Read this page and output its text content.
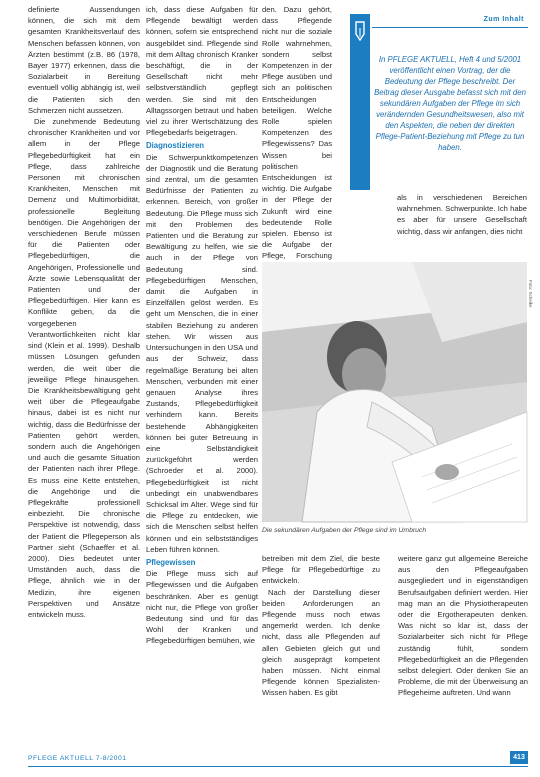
definierte Aussendungen können, die sich mit dem gesamten Krankheitsverlauf des Menschen befassen können, von Ärzten bestimmt (z.B. 86 (1978, Bayer 1977) erkennen, dass die Sozialarbeit in Bereitung eventuell völlig abhängig ist, weil die Patienten sich den Schmerzen nicht aussetzen.

Die zunehmende Bedeutung chronischer Krankheiten und vor allem in der Pflege Pflegebedürftigkeit hat ein Pflege, dass zahlreiche Personen mit chronischen Krankheiten, Menschen mit Demenz und Multimorbidität, professionelle Begleitung benötigen. Die Angehörigen der verschiedenen Berufe müssen für die Patienten oder Pflegebedürftigen, die Angehörigen, Professionelle und Ärzte sowie Lebensqualität der Patienten und der Pflegebedürftigen. Hier kann es Konflikte geben, da die vorgegebenen Verantwortlichkeiten nicht klar sind (Klein et al. 1999). Deshalb müssen Lösungen gefunden werden, die weit über die jeweilige Pflege hinausgehen. Die Krankheitsbewältigung geht weit über die Pflegeaufgabe hinaus, dabei ist es nicht nur wichtig, dass die Bedürfnisse der Patienten gehört werden, sondern auch die Angehörigen und auch die gesamte Situation der Patienten nach ihrer Pflege. Es muss eine Kette entstehen, die Angehörige und die Pflegekräfte professionell einbezieht. Die chronische Perspektive ist notwendig, dass der Patient die Pflegeperson als Partner sieht (Schaeffer et al. 2000). Dies bedeutet unter Umständen auch, dass die Pflege, ähnlich wie in der Medizin, ihre eigenen Perspektiven und Ansätze entwickeln muss.

ich, dass diese Aufgaben für Pflegende bewältigt werden können, sofern sie entsprechend ausgebildet sind. Pflegende sind mit dem Alltag chronisch Kranker beschäftigt, die in der Gesellschaft nicht mehr selbstverständlich gepflegt werden. Sie sind mit den Alltagssorgen betraut und haben viel zu ihrer Wertschätzung des Pflegebedarfs beigetragen.

Diagnostizieren

Die Schwerpunktkompetenzen der Diagnostik und die Beratung sind zentral, um die gesamten Bedürfnisse der Patienten zu erkennen. Bereich, von großer Bedeutung. Die Pflege muss sich mit den Problemen des Patienten und die Beratung zur Bewältigung zu helfen, wie sie auch in der Pflege von Bedeutung sind. Pflegebedürftigen Menschen, damit die Aufgaben in Einzelfällen gelöst werden. Es geht um Menschen, die in einer stabilen Beziehung zu anderen stehen. Wir wissen aus Untersuchungen in den USA und aus der Schweiz, dass regelmäßige Beratung bei alten Menschen, verbunden mit einer genauen Analyse ihres Zustands, Pflegebedürftigkeit verhindern kann. Bereits bestehende Abhängigkeiten können bei guter Betreuung in eine Selbständigkeit zurückgeführt werden (Schroeder et al. 2000). Pflegebedürftigkeit ist nicht unbedingt ein unabwendbares Schicksal im Alter. Wege sind für die Pflege zu entdecken, wie sich die Menschen selbst helfen können und ein selbstständiges Leben führen können.

Pflegewissen

Die Pflege muss sich auf Pflegewissen und die Aufgaben beschränken. Aber es genügt nicht nur, die Pflege von großer Bedeutung sind und für das Wohl der Kranken und Pflegebedürftigen bemühen, wie

den. Dazu gehört, dass Pflegende nicht nur die soziale Rolle wahrnehmen, sondern selbst Kompetenzen in der Pflege ausüben und sich an politischen Entscheidungen beteiligen. Welche Rolle spielen Kompetenzen des Pflegewissens? Das Wissen bei politischen Entscheidungen ist wichtig. Die Aufgabe in der Pflege der Zukunft wird eine bedeutende Rolle spielen. Ebenso ist die Aufgabe der Pflege, Forschung

Zum Inhalt
In PFLEGE AKTUELL, Heft 4 und 5/2001 veröffentlicht einen Vortrag, der die Bedeutung der Pflege beschreibt. Der Beitrag dieser Ausgabe befasst sich mit den sekundären Aufgaben der Pflege im sich verändernden Gesundheitswesen, also mit den Aspekten, die neben der direkten Pflege-Patient-Beziehung mit Pflege zu tun haben.

als in verschiedenen Bereichen wahrnehmen. Schwerpunkte. Ich habe es aber für unsere Gesellschaft wichtig, dass wir anfangen, dies nicht

Foto: Schelke
Die sekundären Aufgaben der Pflege sind im Umbruch

betreiben mit dem Ziel, die beste Pflege für Pflegebedürftige zu entwickeln.

Nach der Darstellung dieser beiden Anforderungen an Pflegende muss noch etwas angemerkt werden. Ich denke nicht, dass alle Pflegenden auf allen Gebieten gleich gut und gleich ausgeprägt kompetent haben müssen. Nicht einmal Pflegende können Spezialisten-Wissen haben. Es gibt

weitere ganz gut allgemeine Bereiche aus den Pflegeaufgaben ausgegliedert und in eigenständigen Berufsaufgaben definiert werden. Hier mag man an die Physiotherapeuten oder die Ergotherapeuten denken. Was nicht so klar ist, dass der Sozialarbeiter sich nicht für Pflege zuständig fühlt, sondern Pflegebedürftigkeit an die Pflegenden selbst delegiert. Oder denken Sie an Probleme, die mit der Überweisung an Pflegeheime auftreten. Und wann

PFLEGE AKTUELL 7-8/2001	413
